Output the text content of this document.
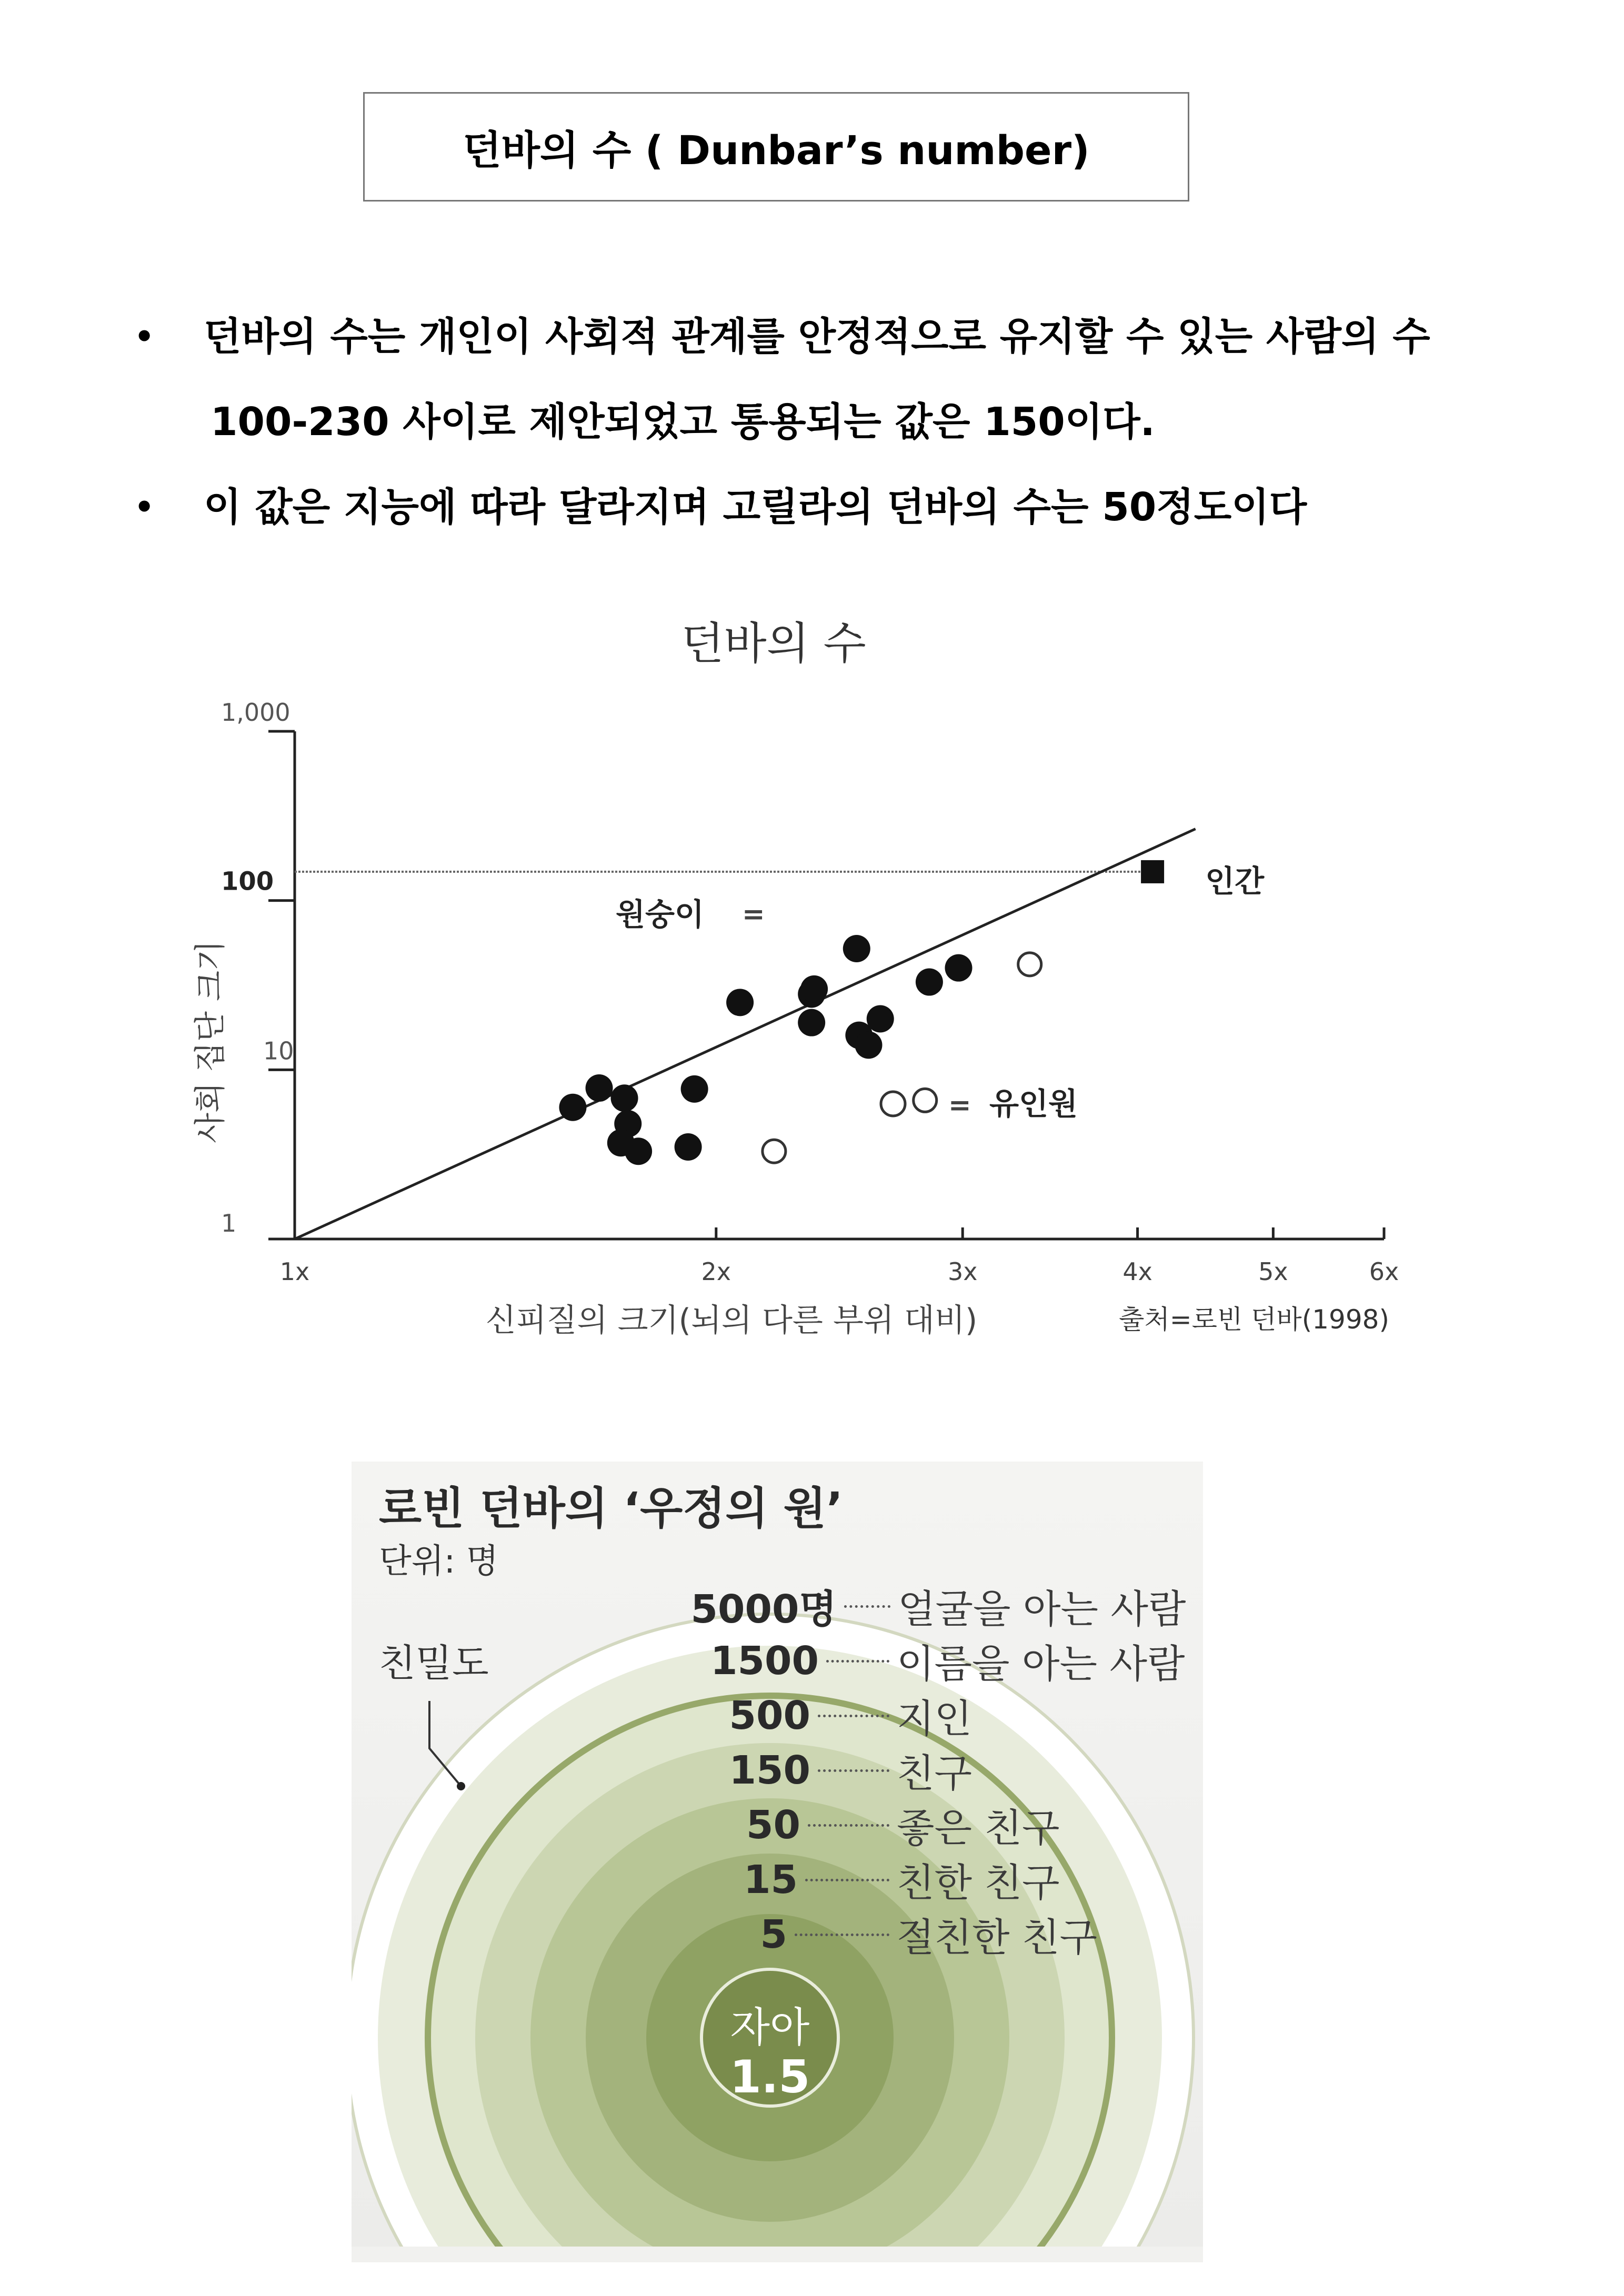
던바의 수 ( Dunbar’s number)
• 던바의 수는 개인이 사회적 관계를 안정적으로 유지할 수 있는 사람의 수
100-230 사이로 제안되었고 통용되는 값은 150이다.
• 이 값은 지능에 따라 달라지며 고릴라의 던바의 수는 50정도이다
던바의 수
1x	2x	3x	4x	5x	6x
1
10
100
1,000
원숭이 =
= 유인원
인간
사회 집단 크기
신피질의 크기(뇌의 다른 부위 대비)	출처=로빈 던바(1998)
로빈 던바의 ‘우정의 원’
단위: 명
친밀도
5000명 얼굴을 아는 사람
1500 이름을 아는 사람
500 지인
150 친구
50 좋은 친구
15	친한 친구
5	절친한 친구
자아
1.5
